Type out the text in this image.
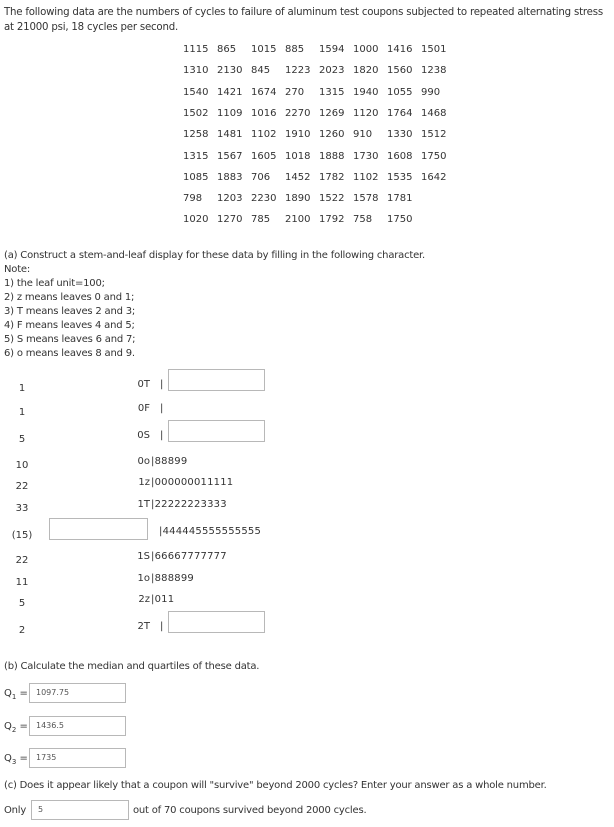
The following data are the numbers of cycles to failure of aluminum test coupons subjected to repeated alternating stress at 21000 psi, 18 cycles per second.
1115 865 1015 885 1594 1000 1416 1501
1310 2130 845 1223 2023 1820 1560 1238
1540 1421 1674 270 1315 1940 1055 990
1502 1109 1016 2270 1269 1120 1764 1468
1258 1481 1102 1910 1260 910 1330 1512
1315 1567 1605 1018 1888 1730 1608 1750
1085 1883 706 1452 1782 1102 1535 1642
798 1203 2230 1890 1522 1578 1781
1020 1270 785 2100 1792 758 1750
(a) Construct a stem-and-leaf display for these data by filling in the following character.
Note:
1) the leaf unit=100;
2) z means leaves 0 and 1;
3) T means leaves 2 and 3;
4) F means leaves 4 and 5;
5) S means leaves 6 and 7;
6) o means leaves 8 and 9.
1	0T |
1	0F |
5	0S |
10	0o |88899
22	1z |000000011111
33	1T |22222223333
(15)	|444445555555555
22	1S |66667777777
11	1o |888899
5	2z |011
2	2T |
(b) Calculate the median and quartiles of these data.
$Q_1$ =	1097.75
$Q_2$ =	1436.5
$Q_3$ =	1735
(c) Does it appear likely that a coupon will "survive" beyond 2000 cycles? Enter your answer as a whole number.
Only	5	out of 70 coupons survived beyond 2000 cycles.
